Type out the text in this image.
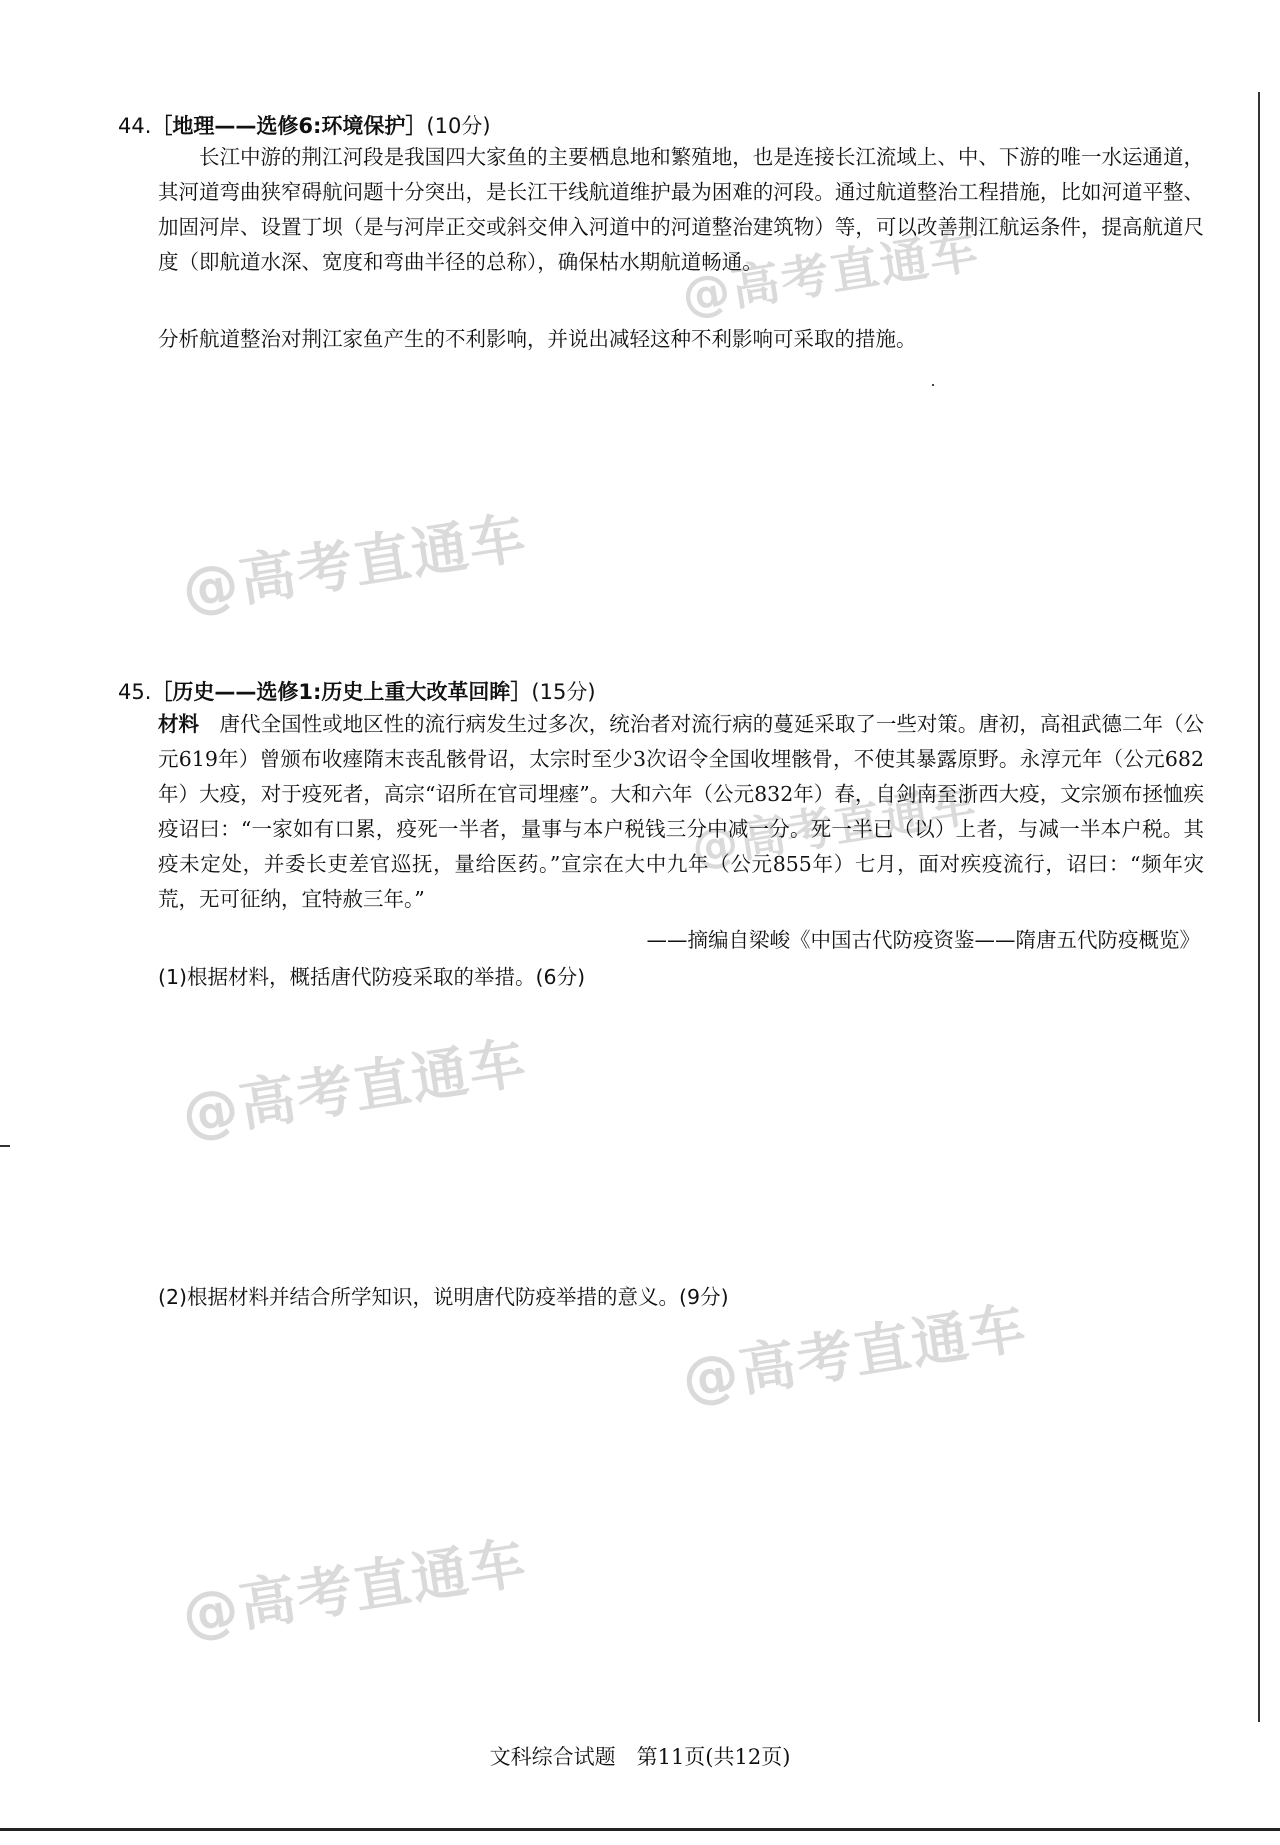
@高考直通车
@高考直通车
@高考直通车
@高考直通车
@高考直通车
@高考直通车
44.［地理——选修6:环境保护］(10分)

长江中游的荆江河段是我国四大家鱼的主要栖息地和繁殖地，也是连接长江流域上、中、下游的唯一水运通道，其河道弯曲狭窄碍航问题十分突出，是长江干线航道维护最为困难的河段。通过航道整治工程措施，比如河道平整、加固河岸、设置丁坝（是与河岸正交或斜交伸入河道中的河道整治建筑物）等，可以改善荆江航运条件，提高航道尺度（即航道水深、宽度和弯曲半径的总称），确保枯水期航道畅通。

分析航道整治对荆江家鱼产生的不利影响，并说出减轻这种不利影响可采取的措施。
45.［历史——选修1:历史上重大改革回眸］(15分)

材料　 唐代全国性或地区性的流行病发生过多次，统治者对流行病的蔓延采取了一些对策。唐初，高祖武德二年（公元619年）曾颁布收瘗隋末丧乱骸骨诏，太宗时至少3次诏令全国收埋骸骨，不使其暴露原野。永淳元年（公元682年）大疫，对于疫死者，高宗“诏所在官司埋瘗”。大和六年（公元832年）春，自剑南至浙西大疫，文宗颁布拯恤疾疫诏曰：“一家如有口累，疫死一半者，量事与本户税钱三分中减一分。死一半已（以）上者，与减一半本户税。其疫未定处，并委长吏差官巡抚，量给医药。”宣宗在大中九年（公元855年）七月，面对疾疫流行，诏曰：“频年灾荒，无可征纳，宜特赦三年。”

——摘编自梁峻《中国古代防疫资鉴——隋唐五代防疫概览》
(1)根据材料，概括唐代防疫采取的举措。(6分)
(2)根据材料并结合所学知识，说明唐代防疫举措的意义。(9分)
文科综合试题　第11页(共12页)
